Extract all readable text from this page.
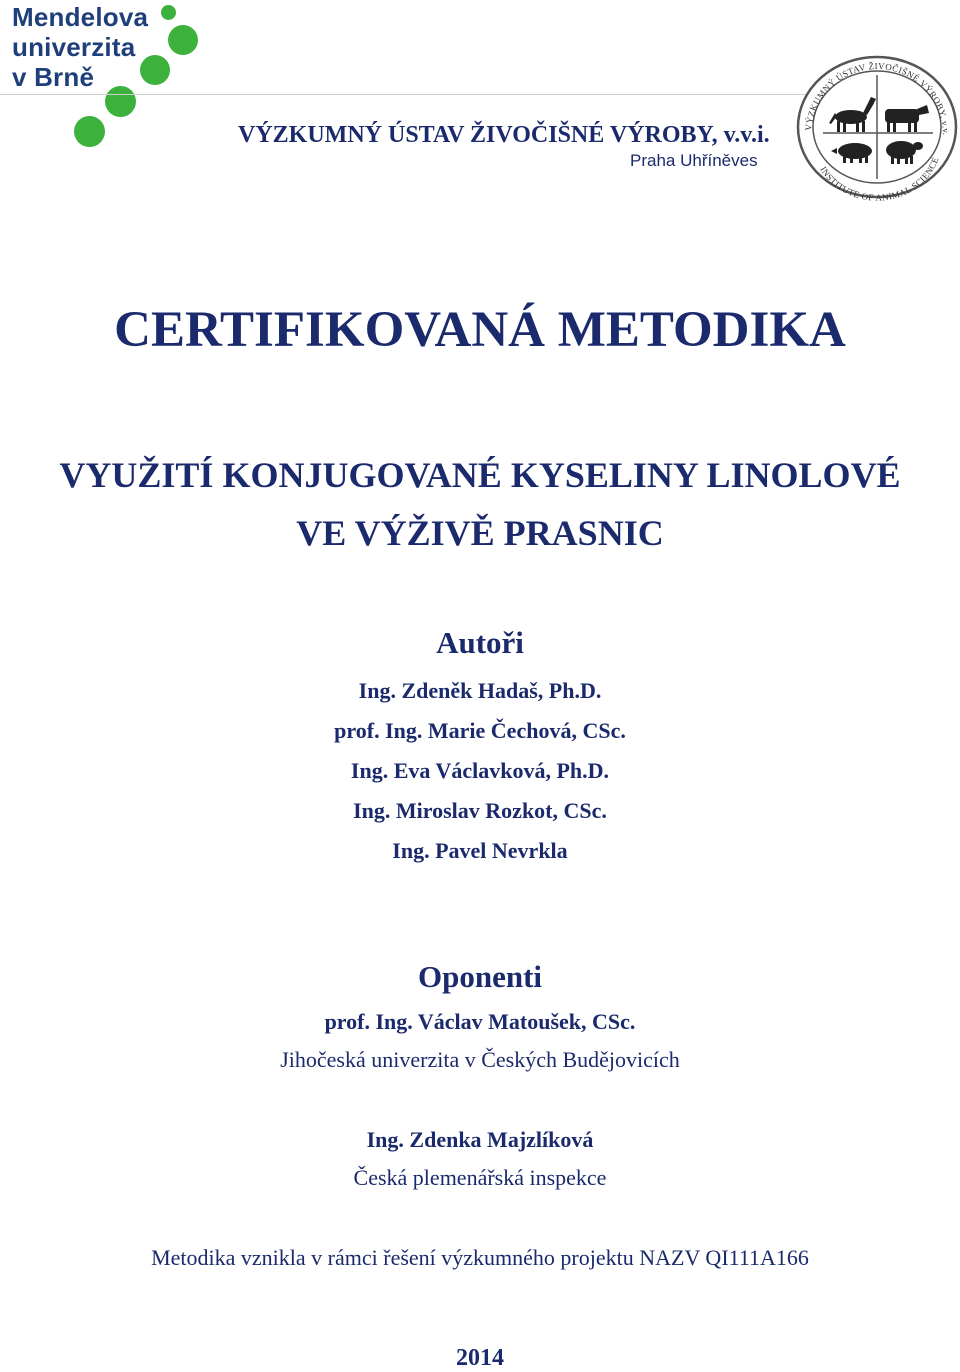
Mendelova
univerzita
v Brně
VÝZKUMNÝ ÚSTAV ŽIVOČIŠNÉ VÝROBY, v.v.i.
Praha Uhříněves
VÝZKUMNÝ ÚSTAV ŽIVOČIŠNÉ VÝROBY, v.v.
INSTITUTE OF ANIMAL SCIENCE
CERTIFIKOVANÁ METODIKA
VYUŽITÍ KONJUGOVANÉ KYSELINY LINOLOVÉ
VE VÝŽIVĚ PRASNIC
Autoři
Ing. Zdeněk Hadaš, Ph.D.
prof. Ing. Marie Čechová, CSc.
Ing. Eva Václavková, Ph.D.
Ing. Miroslav Rozkot, CSc.
Ing. Pavel Nevrkla
Oponenti
prof. Ing. Václav Matoušek, CSc.
Jihočeská univerzita v Českých Budějovicích
Ing. Zdenka Majzlíková
Česká plemenářská inspekce
Metodika vznikla v rámci řešení výzkumného projektu NAZV QI111A166
2014
